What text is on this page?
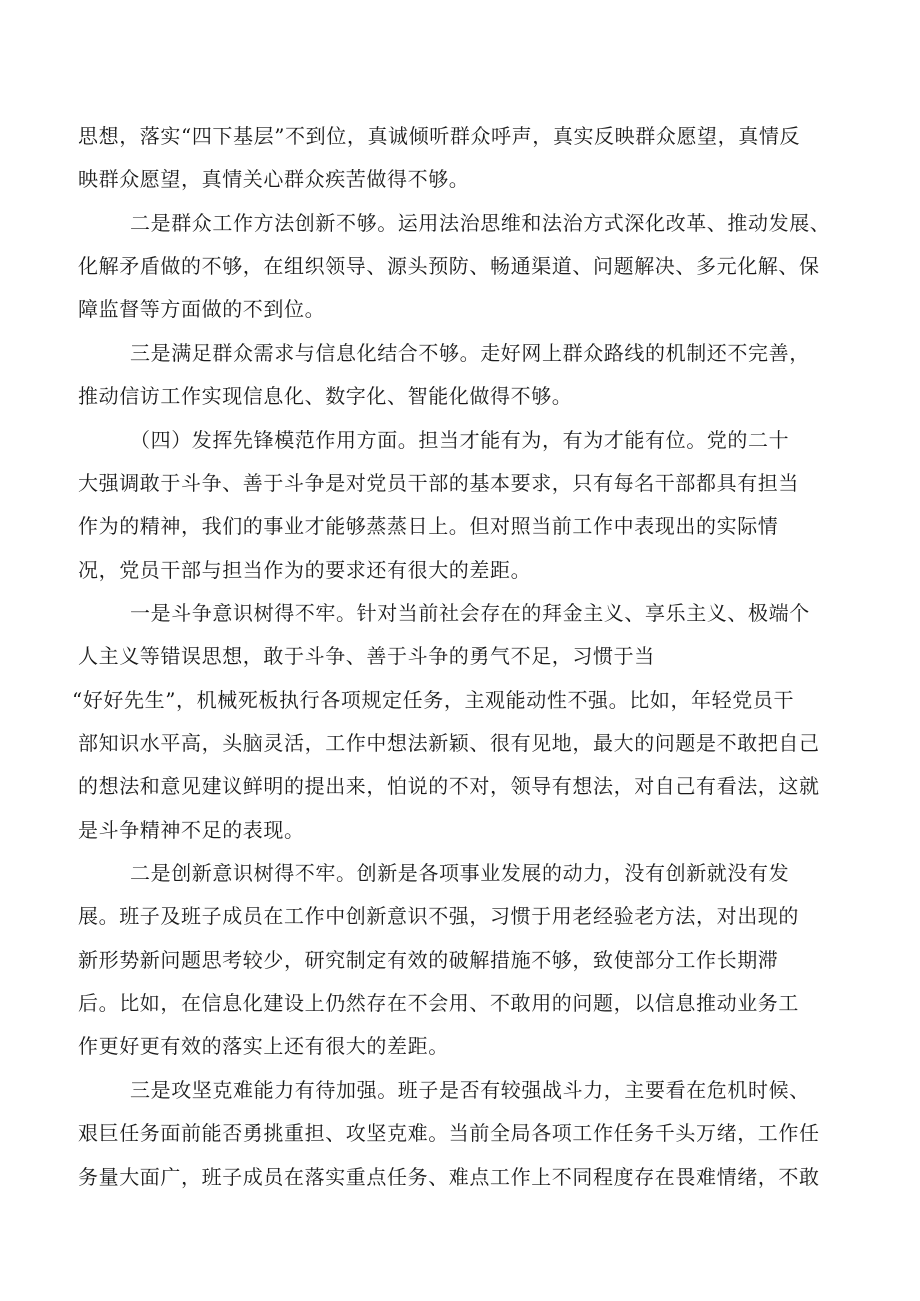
思想，落实“四下基层”不到位，真诚倾听群众呼声，真实反映群众愿望，真情反
映群众愿望，真情关心群众疾苦做得不够。
二是群众工作方法创新不够。运用法治思维和法治方式深化改革、推动发展、
化解矛盾做的不够，在组织领导、源头预防、畅通渠道、问题解决、多元化解、保
障监督等方面做的不到位。
三是满足群众需求与信息化结合不够。走好网上群众路线的机制还不完善，
推动信访工作实现信息化、数字化、智能化做得不够。
（四）发挥先锋模范作用方面。担当才能有为，有为才能有位。党的二十
大强调敢于斗争、善于斗争是对党员干部的基本要求，只有每名干部都具有担当
作为的精神，我们的事业才能够蒸蒸日上。但对照当前工作中表现出的实际情
况，党员干部与担当作为的要求还有很大的差距。
一是斗争意识树得不牢。针对当前社会存在的拜金主义、享乐主义、极端个
人主义等错误思想，敢于斗争、善于斗争的勇气不足，习惯于当
“好好先生”，机械死板执行各项规定任务，主观能动性不强。比如，年轻党员干
部知识水平高，头脑灵活，工作中想法新颖、很有见地，最大的问题是不敢把自己
的想法和意见建议鲜明的提出来，怕说的不对，领导有想法，对自己有看法，这就
是斗争精神不足的表现。
二是创新意识树得不牢。创新是各项事业发展的动力，没有创新就没有发
展。班子及班子成员在工作中创新意识不强，习惯于用老经验老方法，对出现的
新形势新问题思考较少，研究制定有效的破解措施不够，致使部分工作长期滞
后。比如，在信息化建设上仍然存在不会用、不敢用的问题，以信息推动业务工
作更好更有效的落实上还有很大的差距。
三是攻坚克难能力有待加强。班子是否有较强战斗力，主要看在危机时候、
艰巨任务面前能否勇挑重担、攻坚克难。当前全局各项工作任务千头万绪，工作任
务量大面广，班子成员在落实重点任务、难点工作上不同程度存在畏难情绪，不敢
